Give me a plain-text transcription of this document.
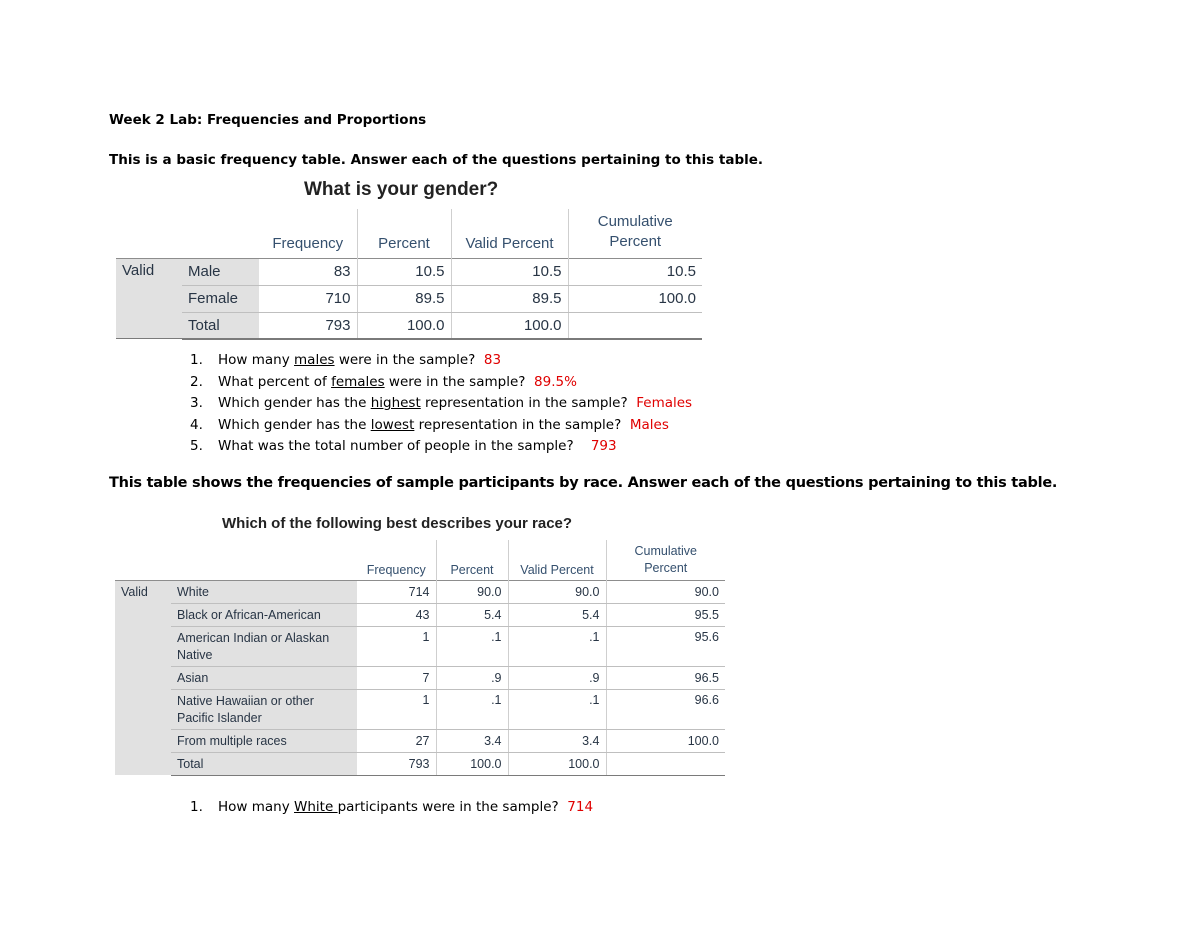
Week 2 Lab: Frequencies and Proportions
This is a basic frequency table. Answer each of the questions pertaining to this table.
What is your gender?
		Frequency	Percent	Valid Percent	Cumulative
Percent
Valid	Male	83	10.5	10.5	10.5
	Female	710	89.5	89.5	100.0
	Total	793	100.0	100.0	
1. How many males were in the sample? 83
2. What percent of females were in the sample? 89.5%
3. Which gender has the highest representation in the sample? Females
4. Which gender has the lowest representation in the sample? Males
5. What was the total number of people in the sample? 793
This table shows the frequencies of sample participants by race. Answer each of the questions pertaining to this table.
Which of the following best describes your race?
		Frequency	Percent	Valid Percent	Cumulative
Percent
Valid	White	714	90.0	90.0	90.0
	Black or African-American	43	5.4	5.4	95.5
	American Indian or Alaskan Native	1	.1	.1	95.6
	Asian	7	.9	.9	96.5
	Native Hawaiian or other Pacific Islander	1	.1	.1	96.6
	From multiple races	27	3.4	3.4	100.0
	Total	793	100.0	100.0	
1. How many White participants were in the sample? 714
